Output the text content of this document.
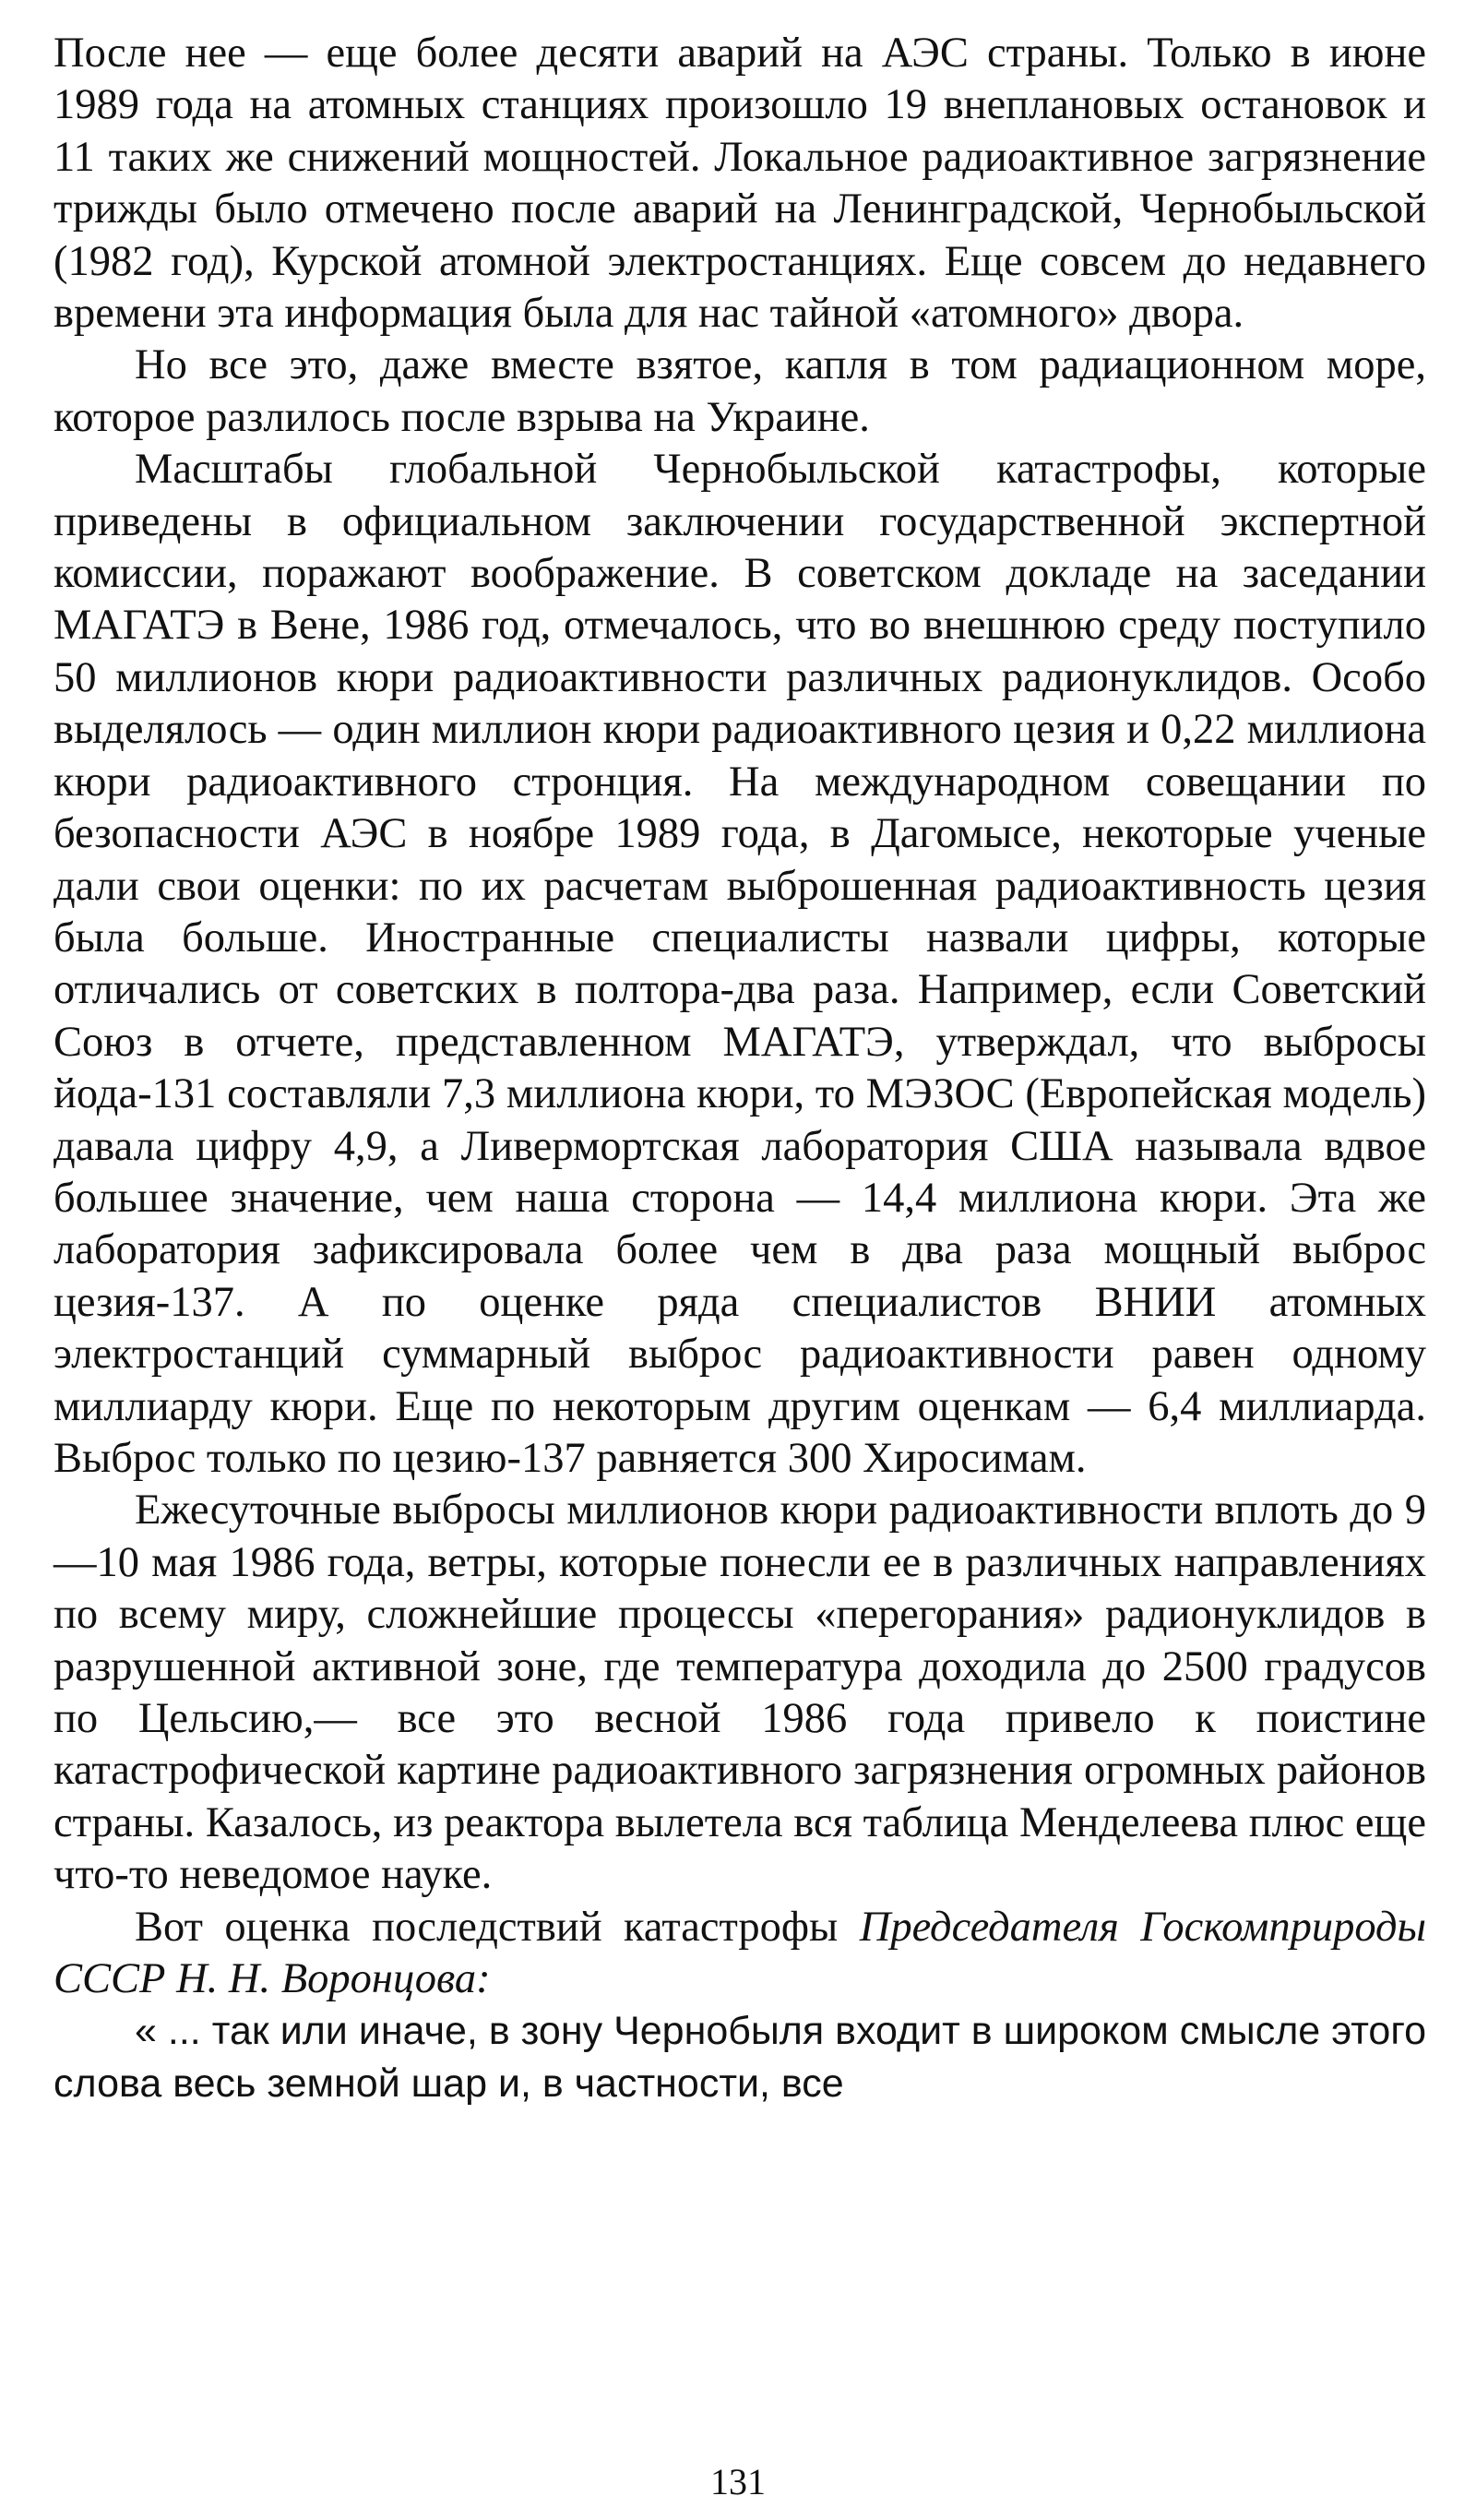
После нее — еще более десяти аварий на АЭС страны. Только в июне 1989 года на атомных станциях произошло 19 внеплановых остановок и 11 таких же снижений мощностей. Локальное радиоактивное загрязнение трижды было отмечено после аварий на Ленинградской, Чернобыльской (1982 год), Курской атомной электростанциях. Еще совсем до недавнего времени эта информация была для нас тайной «атомного» двора.

Но все это, даже вместе взятое, капля в том радиационном море, которое разлилось после взрыва на Украине.

Масштабы глобальной Чернобыльской катастрофы, которые приведены в официальном заключении государственной экспертной комиссии, поражают воображение. В советском докладе на заседании МАГАТЭ в Вене, 1986 год, отмечалось, что во внешнюю среду поступило 50 миллионов кюри радиоактивности различных радионуклидов. Особо выделялось — один миллион кюри радиоактивного цезия и 0,22 миллиона кюри радиоактивного стронция. На международном совещании по безопасности АЭС в ноябре 1989 года, в Дагомысе, некоторые ученые дали свои оценки: по их расчетам выброшенная радиоактивность цезия была больше. Иностранные специалисты назвали цифры, которые отличались от советских в полтора-два раза. Например, если Советский Союз в отчете, представленном МАГАТЭ, утверждал, что выбросы йода-131 составляли 7,3 миллиона кюри, то МЭЗОС (Европейская модель) давала цифру 4,9, а Ливермортская лаборатория США называла вдвое большее значение, чем наша сторона — 14,4 миллиона кюри. Эта же лаборатория зафиксировала более чем в два раза мощный выброс цезия-137. А по оценке ряда специалистов ВНИИ атомных электростанций суммарный выброс радиоактивности равен одному миллиарду кюри. Еще по некоторым другим оценкам — 6,4 миллиарда. Выброс только по цезию-137 равняется 300 Хиросимам.

Ежесуточные выбросы миллионов кюри радиоактивности вплоть до 9—10 мая 1986 года, ветры, которые понесли ее в различных направлениях по всему миру, сложнейшие процессы «перегорания» радионуклидов в разрушенной активной зоне, где температура доходила до 2500 градусов по Цельсию,— все это весной 1986 года привело к поистине катастрофической картине радиоактивного загрязнения огромных районов страны. Казалось, из реактора вылетела вся таблица Менделеева плюс еще что-то неведомое науке.

Вот оценка последствий катастрофы Председателя Госкомприроды СССР Н. Н. Воронцова:

« ... так или иначе, в зону Чернобыля входит в широком смысле этого слова весь земной шар и, в частности, все

131
